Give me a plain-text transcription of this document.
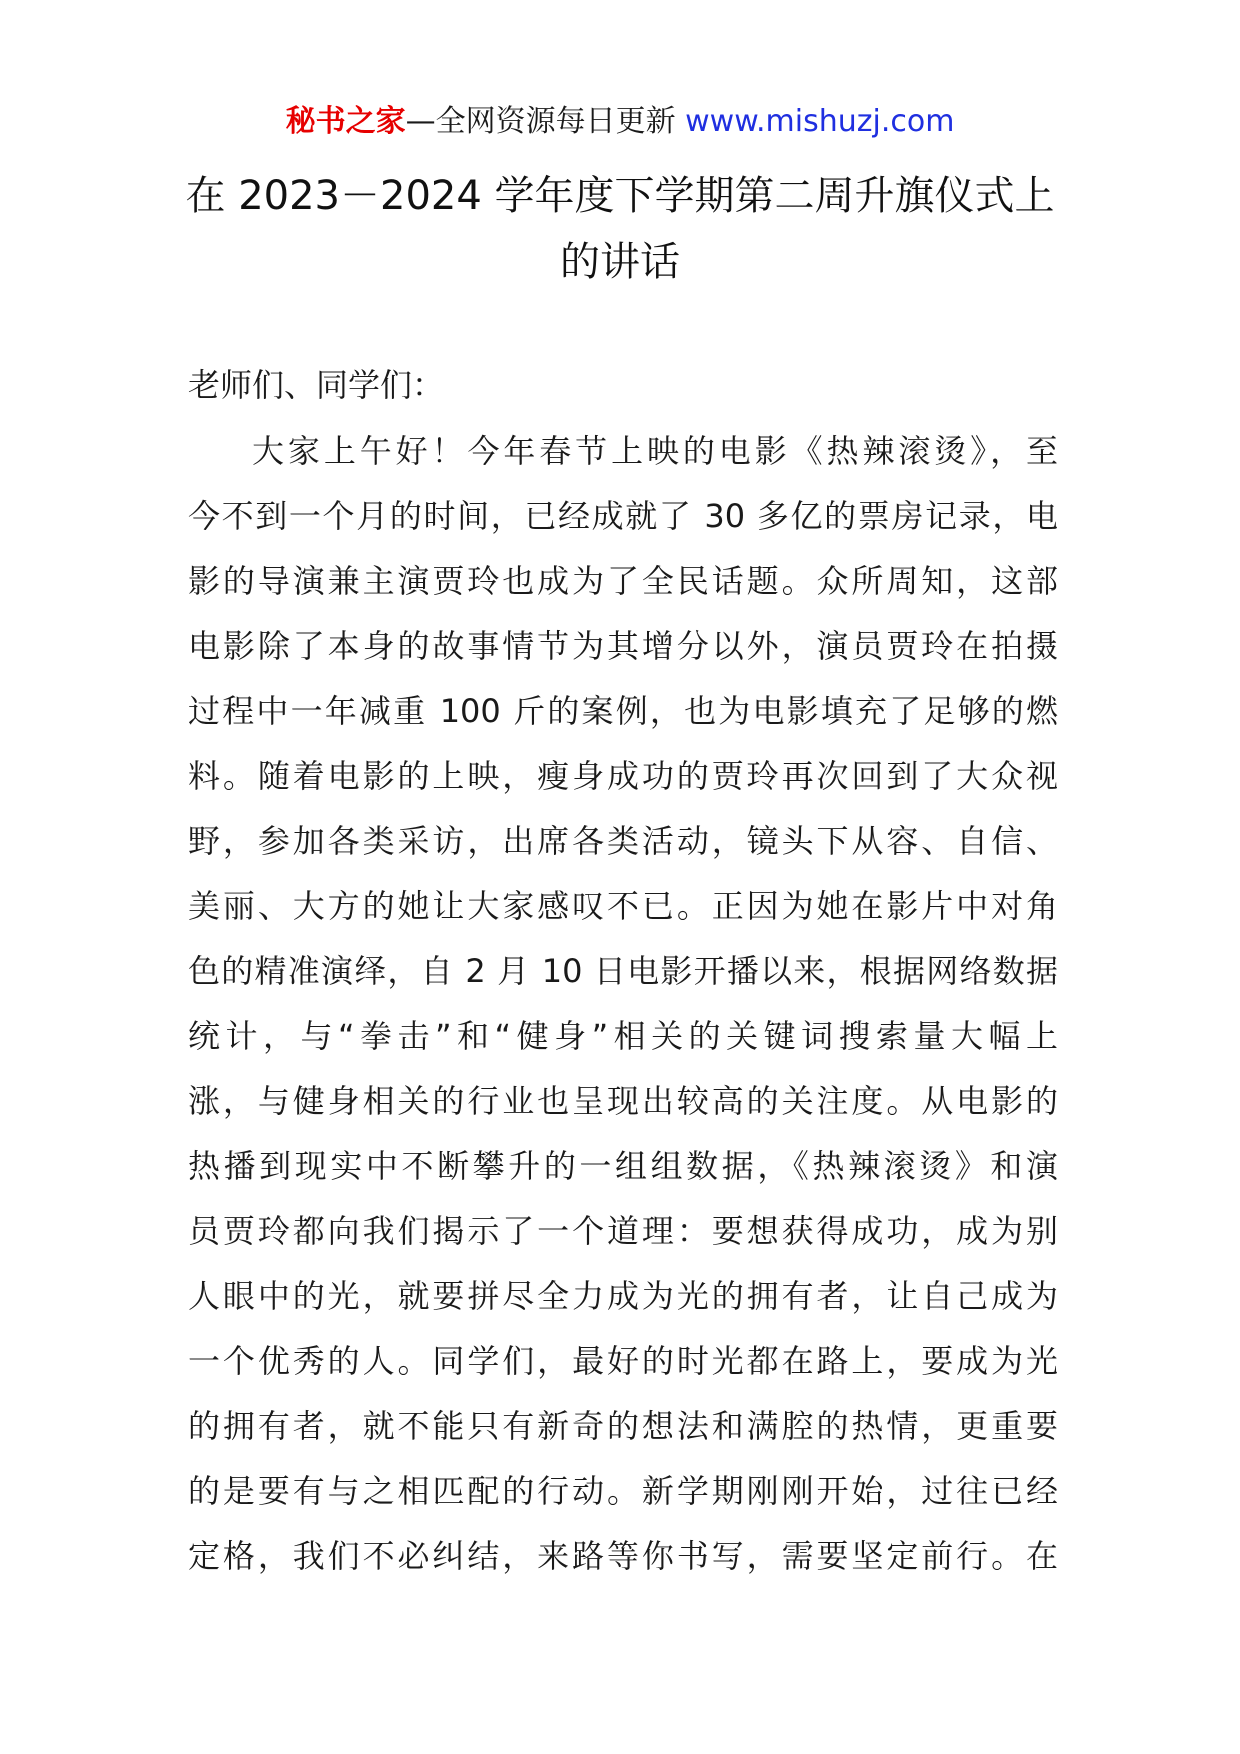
秘书之家—全网资源每日更新 www.mishuzj.com
在 2023－2024 学年度下学期第二周升旗仪式上
的讲话
老师们、同学们：
大家上午好！今年春节上映的电影《热辣滚烫》，至
今不到一个月的时间，已经成就了 30 多亿的票房记录，电
影的导演兼主演贾玲也成为了全民话题。众所周知，这部
电影除了本身的故事情节为其增分以外，演员贾玲在拍摄
过程中一年减重 100 斤的案例，也为电影填充了足够的燃
料。随着电影的上映，瘦身成功的贾玲再次回到了大众视
野，参加各类采访，出席各类活动，镜头下从容、自信、
美丽、大方的她让大家感叹不已。正因为她在影片中对角
色的精准演绎，自 2 月 10 日电影开播以来，根据网络数据
统计，与“拳击”和“健身”相关的关键词搜索量大幅上
涨，与健身相关的行业也呈现出较高的关注度。从电影的
热播到现实中不断攀升的一组组数据，《热辣滚烫》和演
员贾玲都向我们揭示了一个道理：要想获得成功，成为别
人眼中的光，就要拼尽全力成为光的拥有者，让自己成为
一个优秀的人。同学们，最好的时光都在路上，要成为光
的拥有者，就不能只有新奇的想法和满腔的热情，更重要
的是要有与之相匹配的行动。新学期刚刚开始，过往已经
定格，我们不必纠结，来路等你书写，需要坚定前行。在
